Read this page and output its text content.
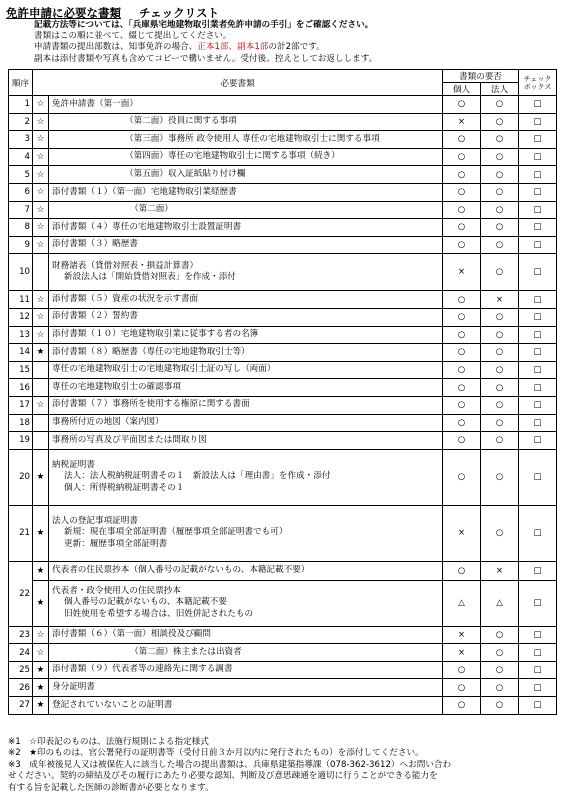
免許申請に必要な書類 チェックリスト
記載方法等については、「兵庫県宅地建物取引業者免許申請の手引」をご確認ください。
書類はこの順に並べて、綴じて提出してください。
申請書類の提出部数は、知事免許の場合、正本1部、副本1部の計2部です。
副本は添付書類や写真も含めてコピーで構いません。受付後、控えとしてお返しします。
順序	必要書類		書類の要否		チェック
ボックス
			個人	法人	
1	☆	免許申請書（第一面）	○	○	□
2	☆	（第二面）役員に関する事項	×	○	□
3	☆	（第三面）事務所 政令使用人 専任の宅地建物取引士に関する事項	○	○	□
4	☆	（第四面）専任の宅地建物取引士に関する事項（続き）	○	○	□
5	☆	（第五面）収入証紙貼り付け欄	○	○	□
6	☆	添付書類（１）（第一面）宅地建物取引業経歴書	○	○	□
7	☆	（第二面）	○	○	□
8	☆	添付書類（４）専任の宅地建物取引士設置証明書	○	○	□
9	☆	添付書類（３）略歴書	○	○	□
10		財務諸表（貸借対照表・損益計算書）
新設法人は「開始貸借対照表」を作成・添付	×	○	□
11	☆	添付書類（５）資産の状況を示す書面	○	×	□
12	☆	添付書類（２）誓約書	○	○	□
13	☆	添付書類（１０）宅地建物取引業に従事する者の名簿	○	○	□
14	★	添付書類（８）略歴書（専任の宅地建物取引士等）	○	○	□
15		専任の宅地建物取引士の宅地建物取引士証の写し（両面）	○	○	□
16		専任の宅地建物取引士の確認事項	○	○	□
17	☆	添付書類（７）事務所を使用する権原に関する書面	○	○	□
18		事務所付近の地図（案内図）	○	○	□
19		事務所の写真及び平面図または間取り図	○	○	□
20	★	納税証明書
法人：法人税納税証明書その１　新設法人は「理由書」を作成・添付
個人：所得税納税証明書その１	○	○	□
21	★	法人の登記事項証明書
新規：現在事項全部証明書（履歴事項全部証明書でも可）
更新：履歴事項全部証明書	×	○	□
22	★	代表者の住民票抄本（個人番号の記載がないもの、本籍記載不要）	○	×	□
	★	代表者・政令使用人の住民票抄本
個人番号の記載がないもの、本籍記載不要
旧姓使用を希望する場合は、旧姓併記されたもの	△	△	□
23	☆	添付書類（６）（第一面）相談役及び顧問	×	○	□
24	☆	（第二面）株主または出資者	×	○	□
25	★	添付書類（９）代表者等の連絡先に関する調書	○	○	□
26	★	身分証明書	○	○	□
27	★	登記されていないことの証明書	○	○	□
※1　☆印表記のものは、法施行規則による指定様式
※2　★印のものは、官公署発行の証明書等（受付日前３か月以内に発行されたもの）を添付してください。
※3　成年被後見人又は被保佐人に該当した場合の提出書類は、兵庫県建築指導課（078-362-3612）へお問い合わ
せください。契約の締結及びその履行にあたり必要な認知、判断及び意思疎通を適切に行うことができる能力を
有する旨を記載した医師の診断書が必要となります。
